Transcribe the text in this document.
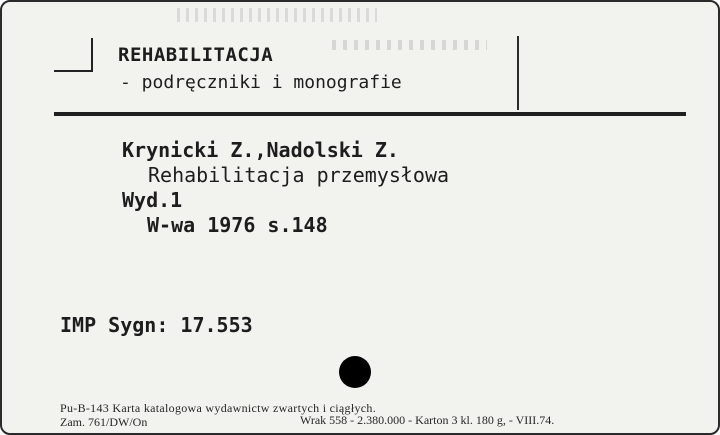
REHABILITACJA
- podręczniki i monografie
Krynicki Z.,Nadolski Z.
Rehabilitacja przemysłowa
Wyd.1
W-wa 1976 s.148
IMP Sygn: 17.553
Pu-B-143 Karta katalogowa wydawnictw zwartych i ciągłych.
Zam. 761/DW/On	Wrak 558 - 2.380.000 - Karton 3 kl. 180 g, - VIII.74.
